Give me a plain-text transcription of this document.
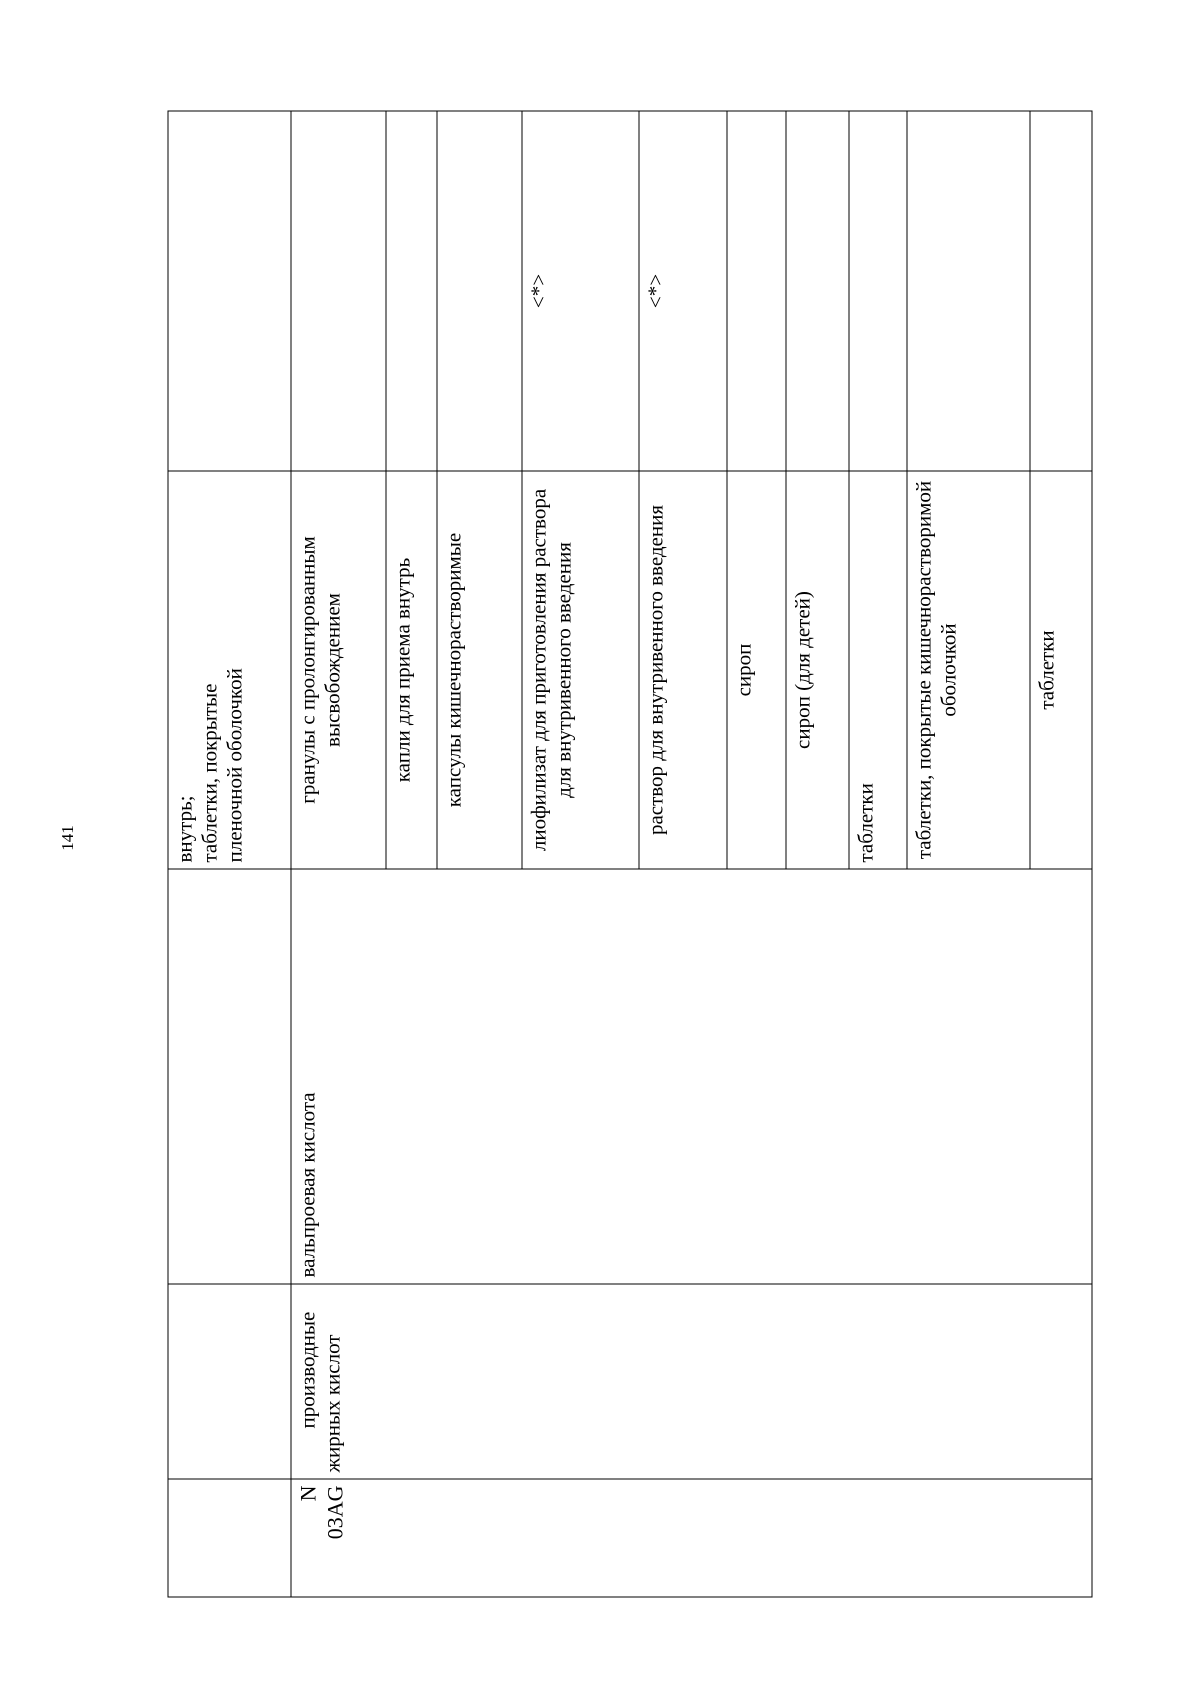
141
				внутрь;
таблетки, покрытые
пленочной оболочкой	
N
03AG	производные жирных кислот	вальпроевая кислота	гранулы с пролонгированным высвобождением	
			капли для приема внутрь	
			капсулы кишечнорастворимые	
			лиофилизат для приготовления раствора для внутривенного введения	<*>
			раствор для внутривенного введения	<*>
			сироп	
			сироп (для детей)	
			таблетки	
			таблетки, покрытые кишечнорастворимой оболочкой	
			таблетки	
